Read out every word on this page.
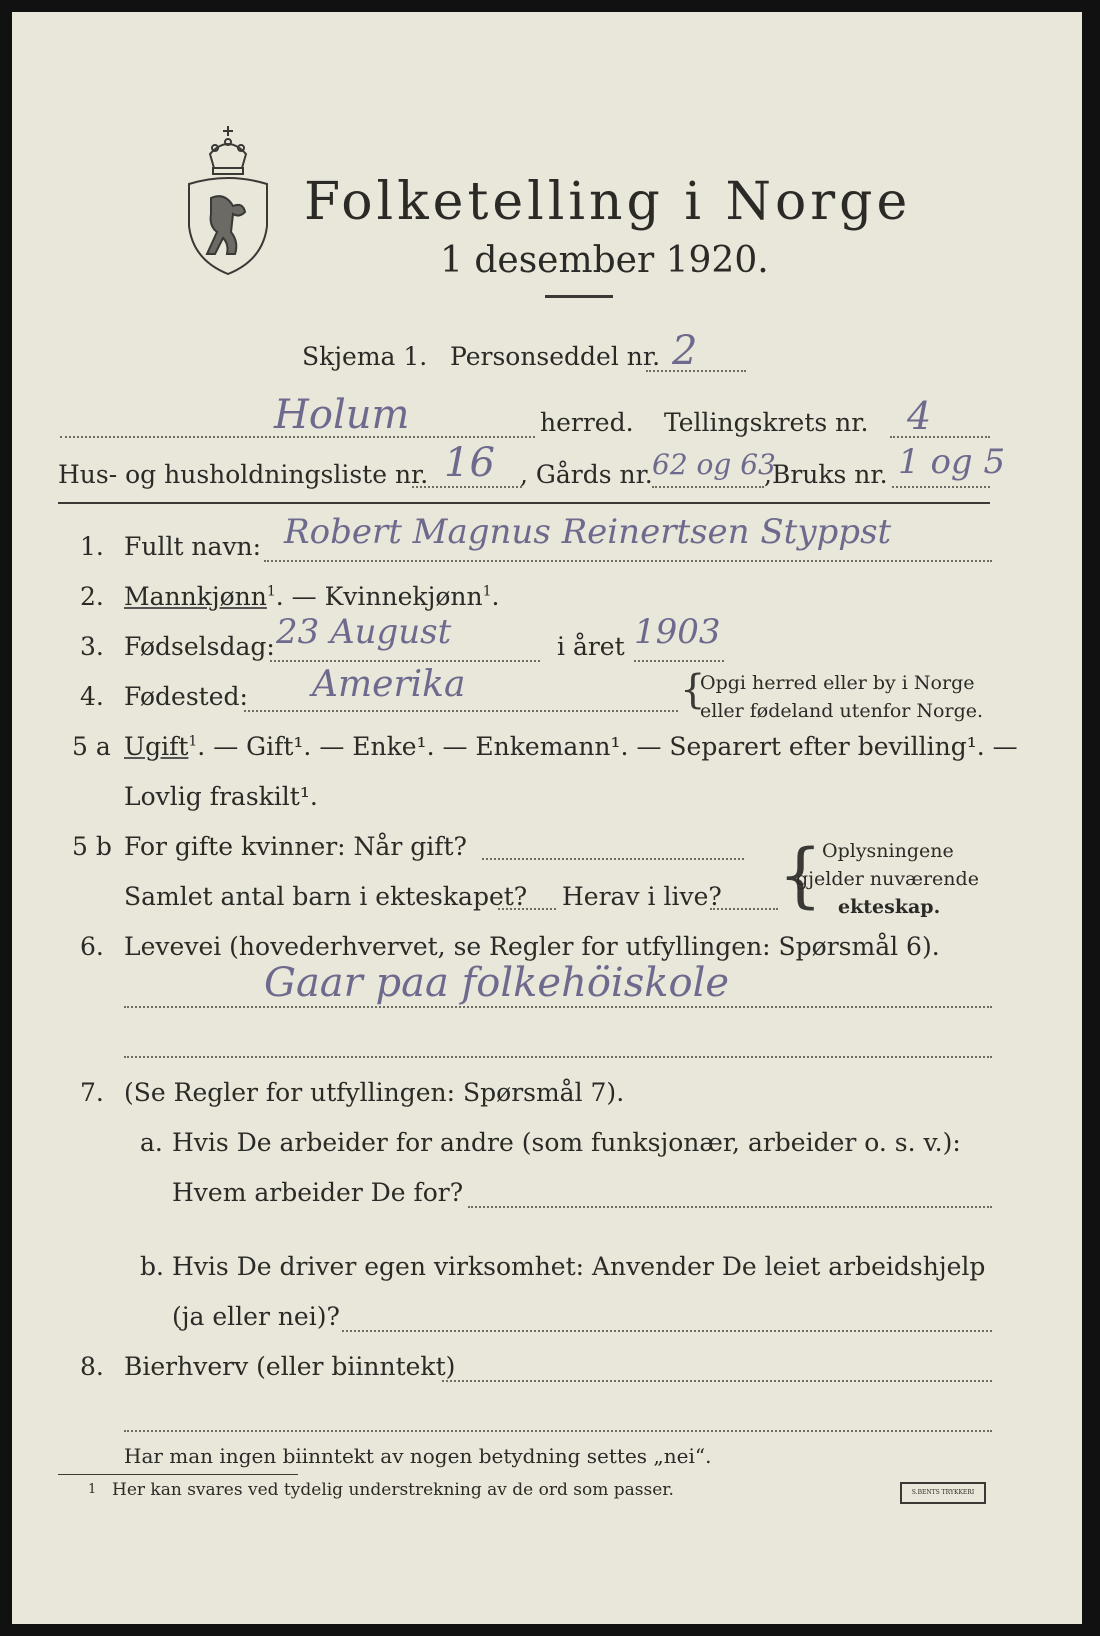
Folketelling i Norge
1 desember 1920.
Skjema 1. Personseddel nr. 2
Holum	herred. Tellingskrets nr. 4
Hus- og husholdningsliste nr. 16 , Gårds nr. 62 og 63
,Bruks nr. 1 og 5
1. Fullt navn: Robert Magnus Reinertsen Styppst
2. Mannkjønn$^1$. — Kvinnekjønn$^1$.
3. Fødselsdag: 23 August	i året 1903
4. Fødested: Amerika	{
Opgi herred eller by i Norge
eller fødeland utenfor Norge.
5 a Ugift$^1$. — Gift¹. — Enke¹. — Enkemann¹. — Separert efter bevilling¹. —
Lovlig fraskilt¹.
5 b For gifte kvinner: Når gift?
Samlet antal barn i ekteskapet? Herav i live? { Oplysningene
gjelder nuværende
ekteskap.
6. Levevei (hovederhvervet, se Regler for utfyllingen: Spørsmål 6).
Gaar paa folkehöiskole
7. (Se Regler for utfyllingen: Spørsmål 7).
a. Hvis De arbeider for andre (som funksjonær, arbeider o. s. v.):
Hvem arbeider De for?
b. Hvis De driver egen virksomhet: Anvender De leiet arbeidshjelp
(ja eller nei)?
8. Bierhverv (eller biinntekt)
Har man ingen biinntekt av nogen betydning settes „nei“.
1 Her kan svares ved tydelig understrekning av de ord som passer.	S.BENTS TRYKKERI
